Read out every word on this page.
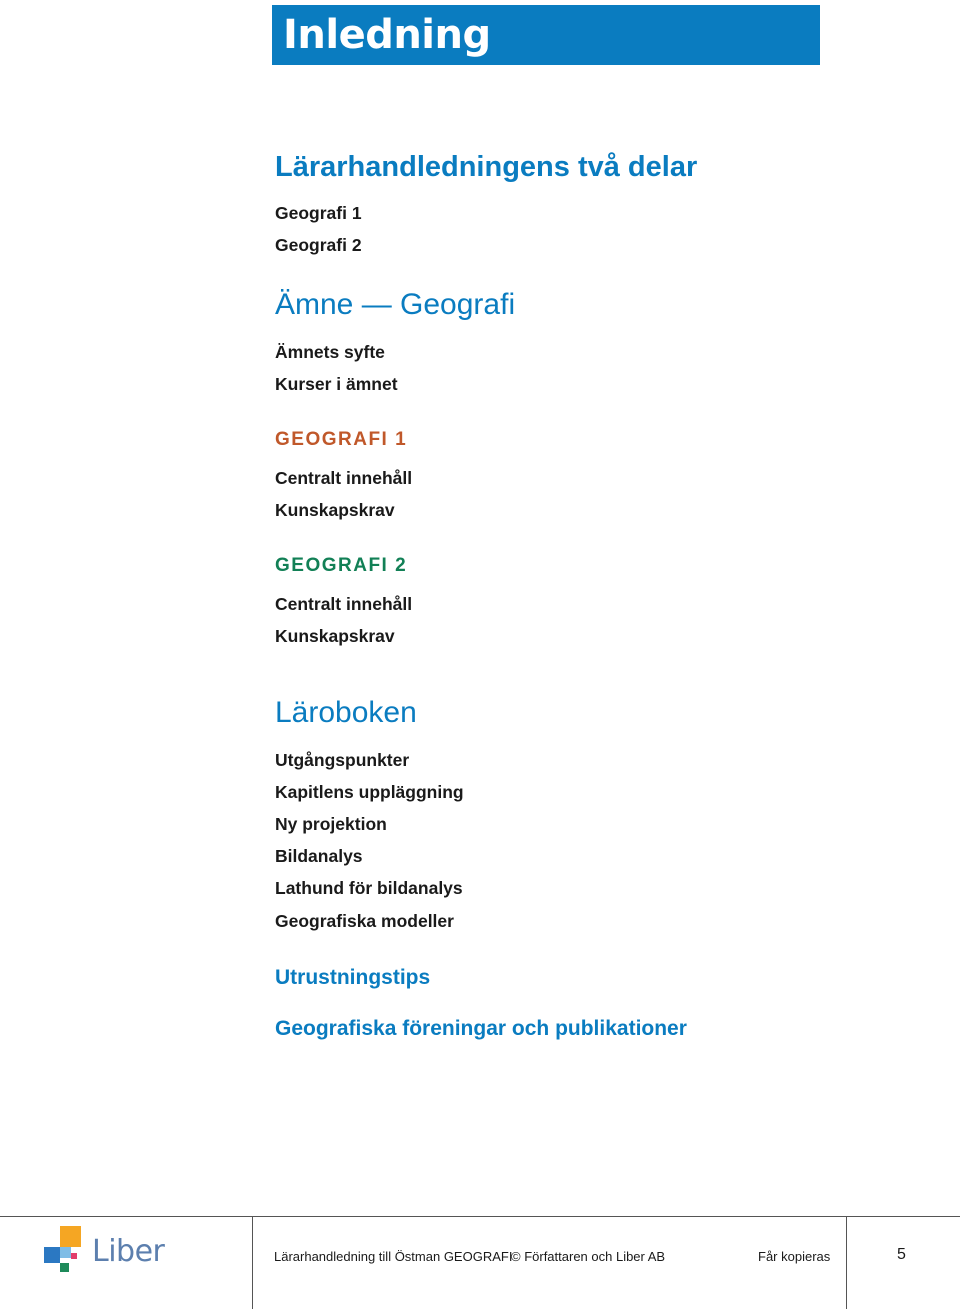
Inledning
Lärarhandledningens två delar
Geografi 1
Geografi 2
Ämne — Geografi
Ämnets syfte
Kurser i ämnet
GEOGRAFI 1
Centralt innehåll
Kunskapskrav
GEOGRAFI 2
Centralt innehåll
Kunskapskrav
Läroboken
Utgångspunkter
Kapitlens uppläggning
Ny projektion
Bildanalys
Lathund för bildanalys
Geografiska modeller
Utrustningstips
Geografiska föreningar och publikationer
Liber	Lärarhandledning till Östman GEOGRAFI
© Författaren och Liber AB	Får kopieras	5
